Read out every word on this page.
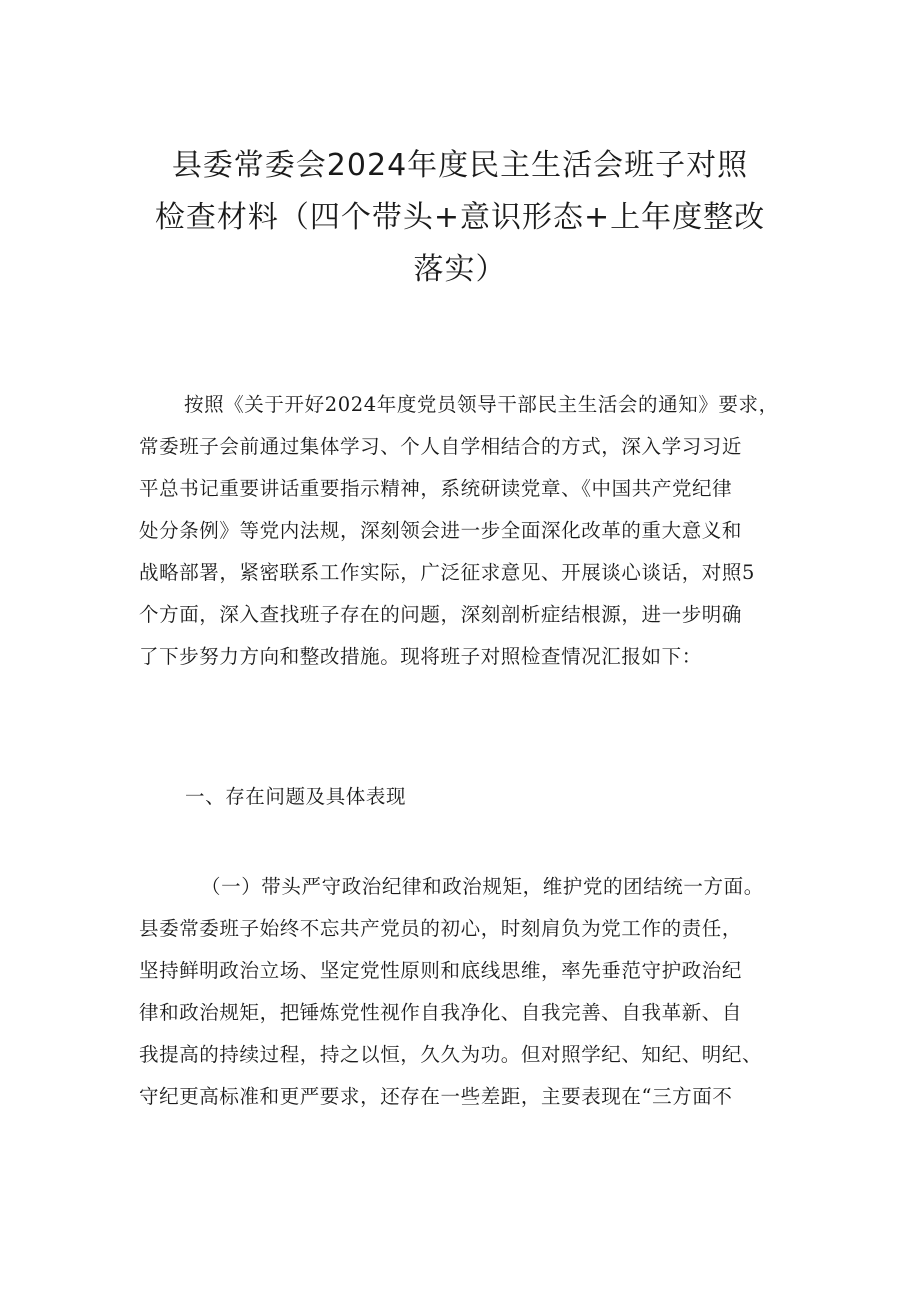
县委常委会2024年度民主生活会班子对照
检查材料（四个带头+意识形态+上年度整改
落实）
按照《关于开好2024年度党员领导干部民主生活会的通知》要求，
常委班子会前通过集体学习、个人自学相结合的方式，深入学习习近
平总书记重要讲话重要指示精神，系统研读党章、《中国共产党纪律
处分条例》等党内法规，深刻领会进一步全面深化改革的重大意义和
战略部署，紧密联系工作实际，广泛征求意见、开展谈心谈话，对照5
个方面，深入查找班子存在的问题，深刻剖析症结根源，进一步明确
了下步努力方向和整改措施。现将班子对照检查情况汇报如下：
一、存在问题及具体表现
（一）带头严守政治纪律和政治规矩，维护党的团结统一方面。
县委常委班子始终不忘共产党员的初心，时刻肩负为党工作的责任，
坚持鲜明政治立场、坚定党性原则和底线思维，率先垂范守护政治纪
律和政治规矩，把锤炼党性视作自我净化、自我完善、自我革新、自
我提高的持续过程，持之以恒，久久为功。但对照学纪、知纪、明纪、
守纪更高标准和更严要求，还存在一些差距，主要表现在“三方面不
